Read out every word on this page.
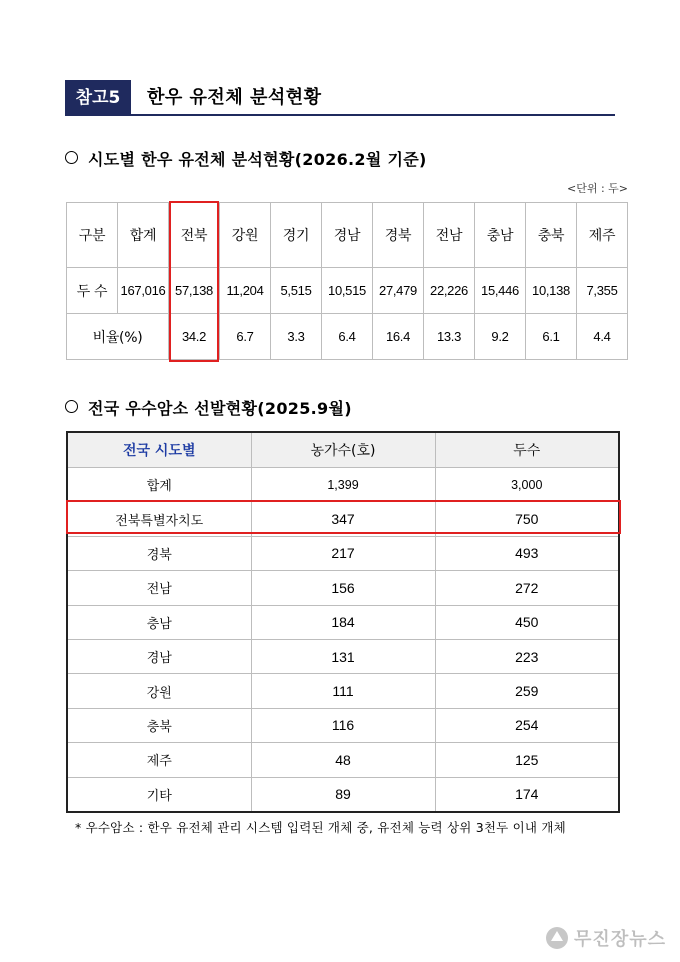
참고5	한우 유전체 분석현황
시도별 한우 유전체 분석현황(2026.2월 기준)
<단위 : 두>
구분	합계	전북	강원	경기	경남	경북	전남	충남	충북	제주
두 수	167,016	57,138	11,204	5,515	10,515	27,479	22,226	15,446	10,138	7,355
비율(%)		34.2	6.7	3.3	6.4	16.4	13.3	9.2	6.1	4.4
전국 우수암소 선발현황(2025.9월)
전국 시도별	농가수(호)	두수
합계	1,399	3,000
전북특별자치도	347	750
경북	217	493
전남	156	272
충남	184	450
경남	131	223
강원	111	259
충북	116	254
제주	48	125
기타	89	174
* 우수암소 : 한우 유전체 관리 시스템 입력된 개체 중, 유전체 능력 상위 3천두 이내 개체
무진장뉴스
